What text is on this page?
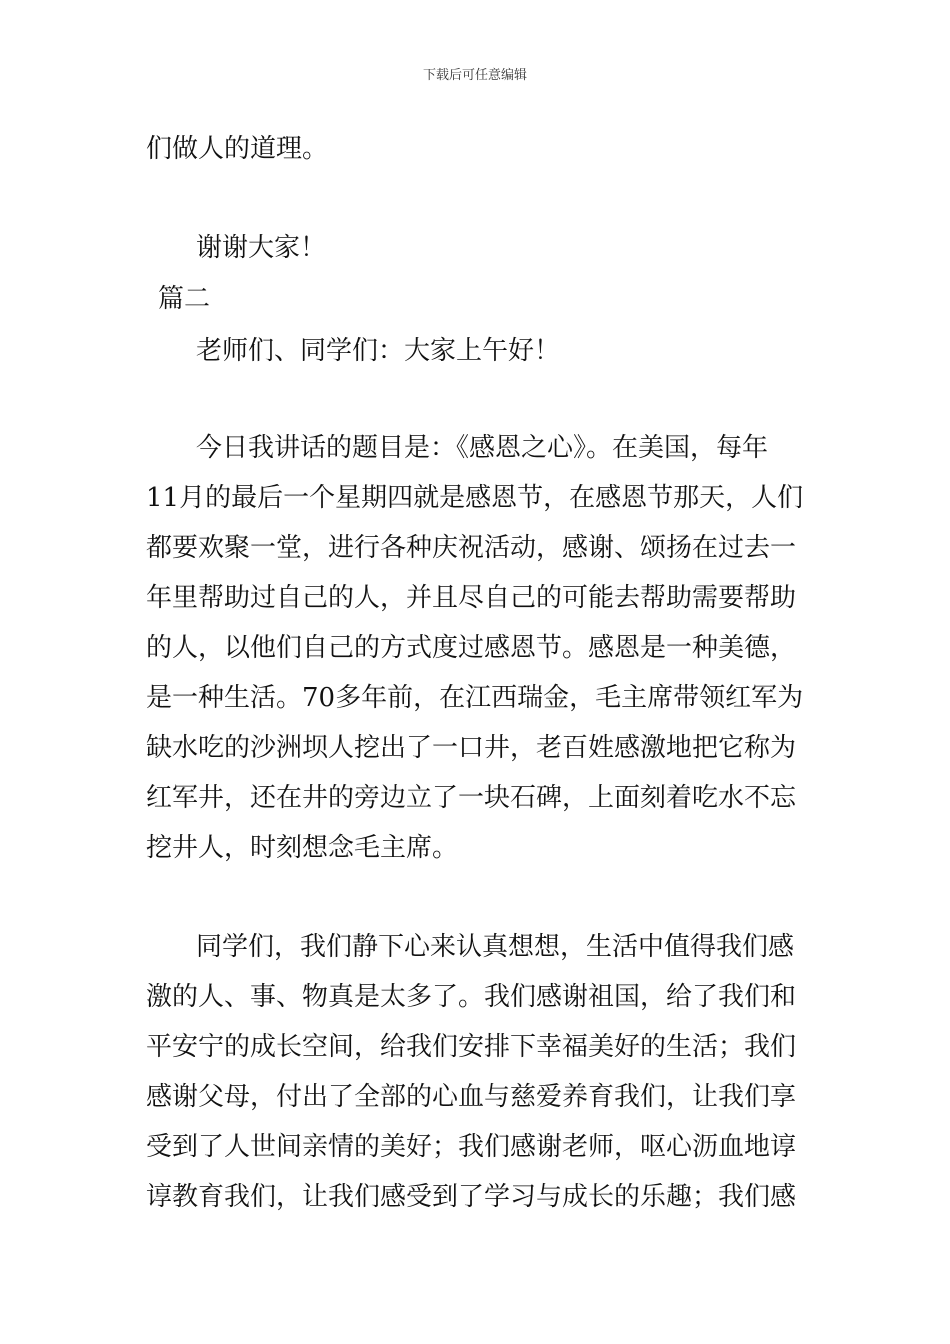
下载后可任意编辑
们做人的道理。
谢谢大家！
篇二
老师们、同学们：大家上午好！
今日我讲话的题目是：《感恩之心》。在美国，每年
11月的最后一个星期四就是感恩节，在感恩节那天，人们
都要欢聚一堂，进行各种庆祝活动，感谢、颂扬在过去一
年里帮助过自己的人，并且尽自己的可能去帮助需要帮助
的人，以他们自己的方式度过感恩节。感恩是一种美德，
是一种生活。70多年前，在江西瑞金，毛主席带领红军为
缺水吃的沙洲坝人挖出了一口井，老百姓感激地把它称为
红军井，还在井的旁边立了一块石碑，上面刻着吃水不忘
挖井人，时刻想念毛主席。
同学们，我们静下心来认真想想，生活中值得我们感
激的人、事、物真是太多了。我们感谢祖国，给了我们和
平安宁的成长空间，给我们安排下幸福美好的生活；我们
感谢父母，付出了全部的心血与慈爱养育我们，让我们享
受到了人世间亲情的美好；我们感谢老师，呕心沥血地谆
谆教育我们，让我们感受到了学习与成长的乐趣；我们感
